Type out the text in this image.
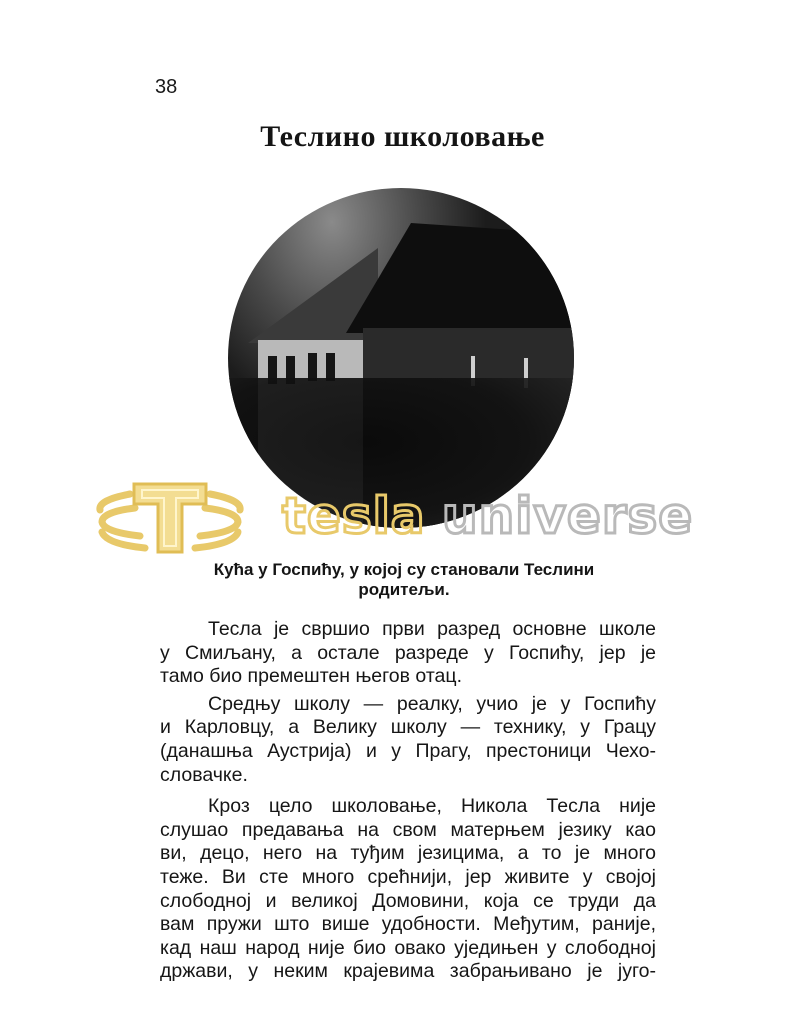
38
Теслино школовање
Кућа у Госпићу, у којој су становали Теслини
родитељи.

Тесла је свршио први разред основне школе
у Смиљану, а остале разреде у Госпићу, јер је
тамо био премештен његов отац.

Средњу школу — реалку, учио је у Госпићу
и Карловцу, а Велику школу — технику, у Грацу
(данашња Аустрија) и у Прагу, престоници Чехо-
словачке.

Кроз цело школовање, Никола Тесла није
слушао предавања на свом матерњем језику као
ви, децо, него на туђим језицима, а то је много
теже. Ви сте много срећнији, јер живите у својој
слободној и великој Домовини, која се труди да
вам пружи што више удобности. Међутим, раније,
кад наш народ није био овако уједињен у слободној
држави, у неким крајевима забрањивано је југо-
